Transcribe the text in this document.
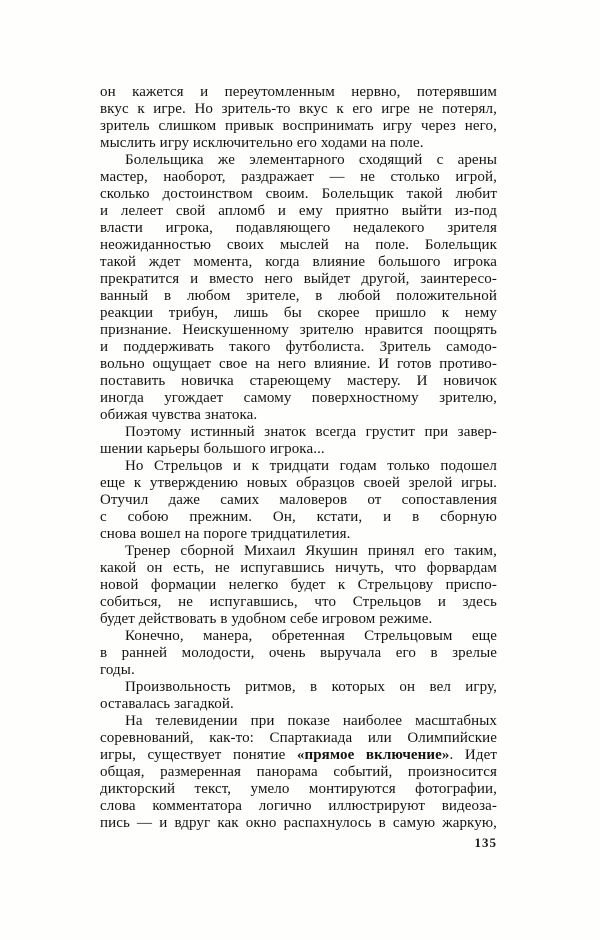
он кажется и переутомленным нервно, потерявшим
вкус к игре. Но зритель-то вкус к его игре не потерял,
зритель слишком привык воспринимать игру через него,
мыслить игру исключительно его ходами на поле.
Болельщика же элементарного сходящий с арены
мастер, наоборот, раздражает — не столько игрой,
сколько достоинством своим. Болельщик такой любит
и лелеет свой апломб и ему приятно выйти из-под
власти игрока, подавляющего недалекого зрителя
неожиданностью своих мыслей на поле. Болельщик
такой ждет момента, когда влияние большого игрока
прекратится и вместо него выйдет другой, заинтересо-
ванный в любом зрителе, в любой положительной
реакции трибун, лишь бы скорее пришло к нему
признание. Неискушенному зрителю нравится поощрять
и поддерживать такого футболиста. Зритель самодо-
вольно ощущает свое на него влияние. И готов противо-
поставить новичка стареющему мастеру. И новичок
иногда угождает самому поверхностному зрителю,
обижая чувства знатока.
Поэтому истинный знаток всегда грустит при завер-
шении карьеры большого игрока...
Но Стрельцов и к тридцати годам только подошел
еще к утверждению новых образцов своей зрелой игры.
Отучил даже самих маловеров от сопоставления
с собою прежним. Он, кстати, и в сборную
снова вошел на пороге тридцатилетия.
Тренер сборной Михаил Якушин принял его таким,
какой он есть, не испугавшись ничуть, что форвардам
новой формации нелегко будет к Стрельцову приспо-
собиться, не испугавшись, что Стрельцов и здесь
будет действовать в удобном себе игровом режиме.
Конечно, манера, обретенная Стрельцовым еще
в ранней молодости, очень выручала его в зрелые
годы.
Произвольность ритмов, в которых он вел игру,
оставалась загадкой.
На телевидении при показе наиболее масштабных
соревнований, как-то: Спартакиада или Олимпийские
игры, существует понятие «прямое включение». Идет
общая, размеренная панорама событий, произносится
дикторский текст, умело монтируются фотографии,
слова комментатора логично иллюстрируют видеоза-
пись — и вдруг как окно распахнулось в самую жаркую,
135
